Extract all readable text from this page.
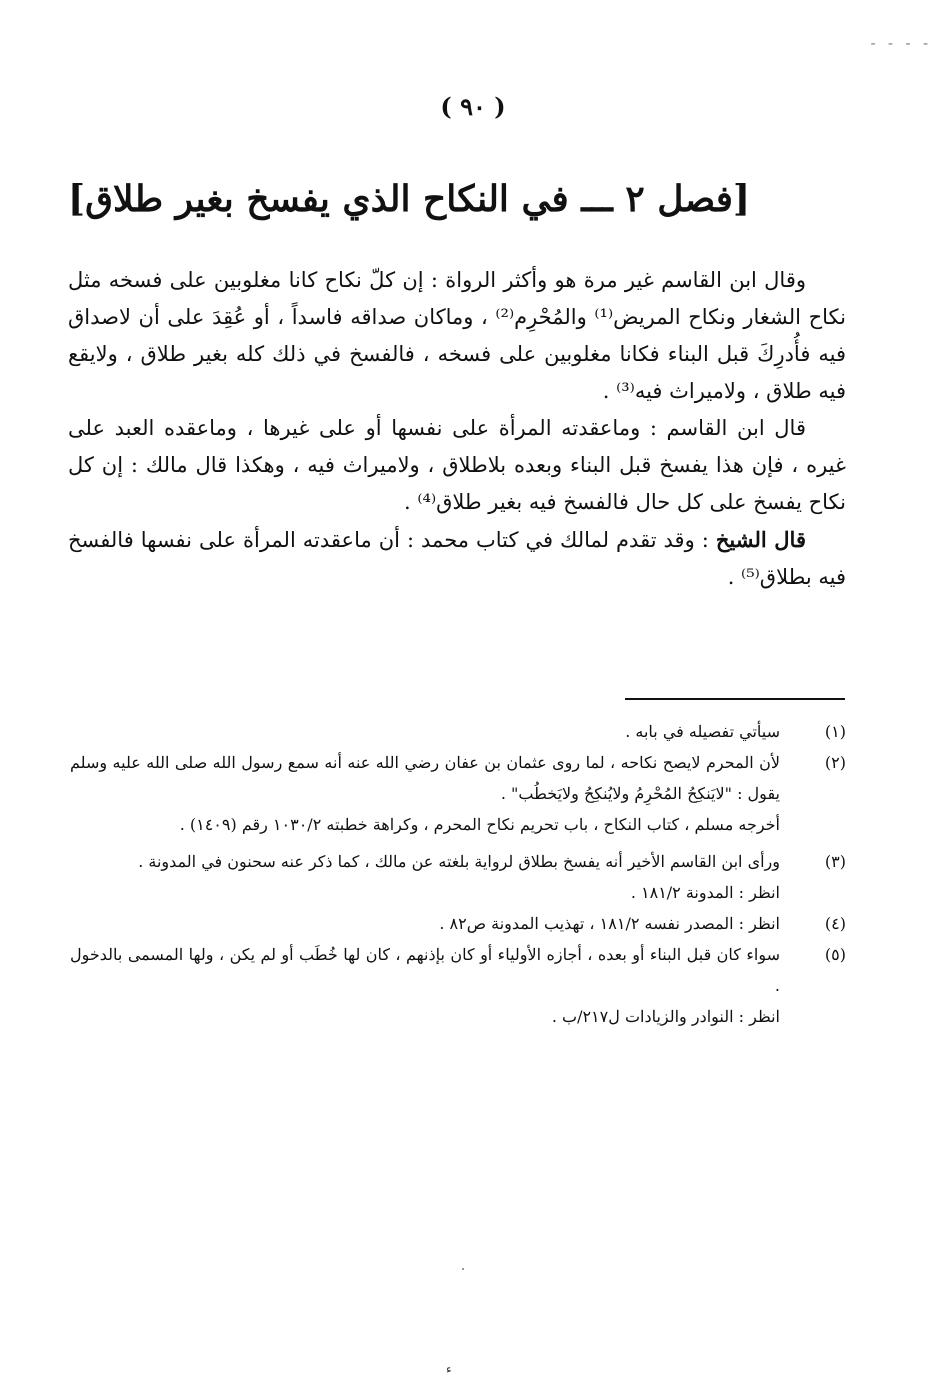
- - - -
( ٩٠ )
[فصل ٢ ـــ في النكاح الذي يفسخ بغير طلاق]

وقال ابن القاسم غير مرة هو وأكثر الرواة : إن كلّ نكاح كانا مغلوبين على فسخه مثل نكاح الشغار ونكاح المريض⁽¹⁾ والمُحْرِم⁽²⁾ ، وماكان صداقه فاسداً ، أو عُقِدَ على أن لاصداق فيه فأُدرِكَ قبل البناء فكانا مغلوبين على فسخه ، فالفسخ في ذلك كله بغير طلاق ، ولايقع فيه طلاق ، ولاميراث فيه⁽³⁾ .

قال ابن القاسم : وماعقدته المرأة على نفسها أو على غيرها ، وماعقده العبد على غيره ، فإن هذا يفسخ قبل البناء وبعده بلاطلاق ، ولاميراث فيه ، وهكذا قال مالك : إن كل نكاح يفسخ على كل حال فالفسخ فيه بغير طلاق⁽⁴⁾ .

قال الشيخ : وقد تقدم لمالك في كتاب محمد : أن ماعقدته المرأة على نفسها فالفسخ فيه بطلاق⁽⁵⁾ .

(١)
سيأتي تفصيله في بابه .
(٢)
لأن المحرم لايصح نكاحه ، لما روى عثمان بن عفان رضي الله عنه أنه سمع رسول الله صلى الله عليه وسلم يقول : "لايَنكِحُ المُحْرِمُ ولايُنكِحُ ولايَخطُب" .
أخرجه مسلم ، كتاب النكاح ، باب تحريم نكاح المحرم ، وكراهة خطبته ١٠٣٠/٢ رقم (١٤٠٩) .
(٣)
ورأى ابن القاسم الأخير أنه يفسخ بطلاق لرواية بلغته عن مالك ، كما ذكر عنه سحنون في المدونة .
انظر : المدونة ١٨١/٢ .
(٤)
انظر : المصدر نفسه ١٨١/٢ ، تهذيب المدونة ص٨٢ .
(٥)
سواء كان قبل البناء أو بعده ، أجازه الأولياء أو كان بإذنهم ، كان لها خُطَب أو لم يكن ، ولها المسمى بالدخول .
انظر : النوادر والزيادات ل٢١٧/ب .
ء
